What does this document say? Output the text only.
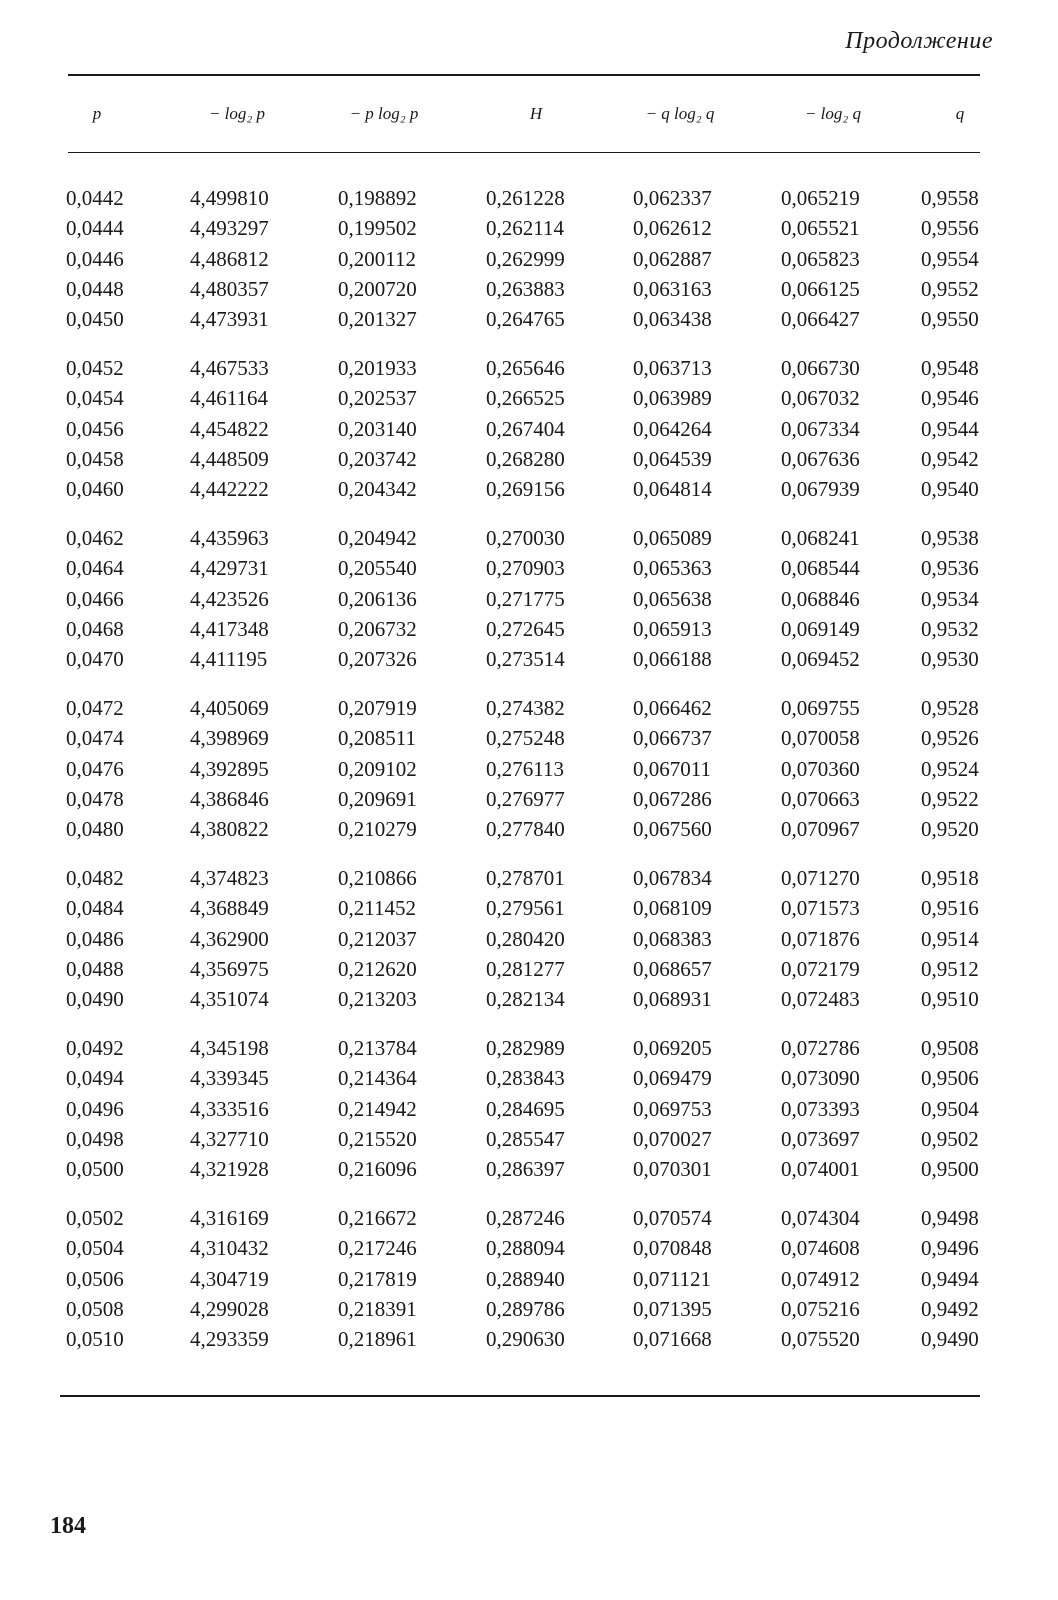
Продолжение
p	− log₂ p	− p log₂ p	H	− q log₂ q	− log₂ q	q
0,0442	4,499810	0,198892	0,261228	0,062337	0,065219	0,9558
0,0444	4,493297	0,199502	0,262114	0,062612	0,065521	0,9556
0,0446	4,486812	0,200112	0,262999	0,062887	0,065823	0,9554
0,0448	4,480357	0,200720	0,263883	0,063163	0,066125	0,9552
0,0450	4,473931	0,201327	0,264765	0,063438	0,066427	0,9550
0,0452	4,467533	0,201933	0,265646	0,063713	0,066730	0,9548
0,0454	4,461164	0,202537	0,266525	0,063989	0,067032	0,9546
0,0456	4,454822	0,203140	0,267404	0,064264	0,067334	0,9544
0,0458	4,448509	0,203742	0,268280	0,064539	0,067636	0,9542
0,0460	4,442222	0,204342	0,269156	0,064814	0,067939	0,9540
0,0462	4,435963	0,204942	0,270030	0,065089	0,068241	0,9538
0,0464	4,429731	0,205540	0,270903	0,065363	0,068544	0,9536
0,0466	4,423526	0,206136	0,271775	0,065638	0,068846	0,9534
0,0468	4,417348	0,206732	0,272645	0,065913	0,069149	0,9532
0,0470	4,411195	0,207326	0,273514	0,066188	0,069452	0,9530
0,0472	4,405069	0,207919	0,274382	0,066462	0,069755	0,9528
0,0474	4,398969	0,208511	0,275248	0,066737	0,070058	0,9526
0,0476	4,392895	0,209102	0,276113	0,067011	0,070360	0,9524
0,0478	4,386846	0,209691	0,276977	0,067286	0,070663	0,9522
0,0480	4,380822	0,210279	0,277840	0,067560	0,070967	0,9520
0,0482	4,374823	0,210866	0,278701	0,067834	0,071270	0,9518
0,0484	4,368849	0,211452	0,279561	0,068109	0,071573	0,9516
0,0486	4,362900	0,212037	0,280420	0,068383	0,071876	0,9514
0,0488	4,356975	0,212620	0,281277	0,068657	0,072179	0,9512
0,0490	4,351074	0,213203	0,282134	0,068931	0,072483	0,9510
0,0492	4,345198	0,213784	0,282989	0,069205	0,072786	0,9508
0,0494	4,339345	0,214364	0,283843	0,069479	0,073090	0,9506
0,0496	4,333516	0,214942	0,284695	0,069753	0,073393	0,9504
0,0498	4,327710	0,215520	0,285547	0,070027	0,073697	0,9502
0,0500	4,321928	0,216096	0,286397	0,070301	0,074001	0,9500
0,0502	4,316169	0,216672	0,287246	0,070574	0,074304	0,9498
0,0504	4,310432	0,217246	0,288094	0,070848	0,074608	0,9496
0,0506	4,304719	0,217819	0,288940	0,071121	0,074912	0,9494
0,0508	4,299028	0,218391	0,289786	0,071395	0,075216	0,9492
0,0510	4,293359	0,218961	0,290630	0,071668	0,075520	0,9490
184
